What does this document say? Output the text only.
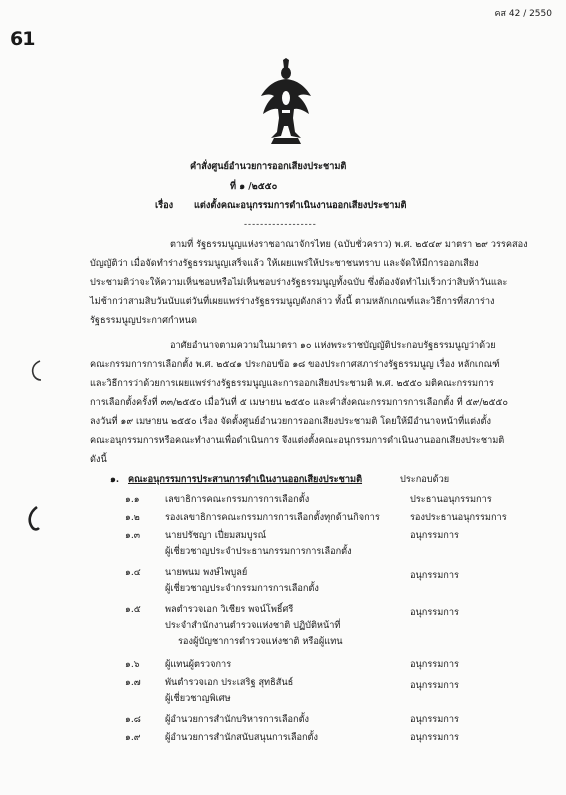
คส 42 / 2550
61
คำสั่งศูนย์อำนวยการออกเสียงประชามติ
ที่ ๑ /๒๕๕๐
เรื่อง แต่งตั้งคณะอนุกรรมการดำเนินงานออกเสียงประชามติ
------------------
ตามที่ รัฐธรรมนูญแห่งราชอาณาจักรไทย (ฉบับชั่วคราว) พ.ศ. ๒๕๔๙ มาตรา ๒๙ วรรคสอง
บัญญัติว่า เมื่อจัดทำร่างรัฐธรรมนูญเสร็จแล้ว ให้เผยแพร่ให้ประชาชนทราบ และจัดให้มีการออกเสียง
ประชามติว่าจะให้ความเห็นชอบหรือไม่เห็นชอบร่างรัฐธรรมนูญทั้งฉบับ ซึ่งต้องจัดทำไม่เร็วกว่าสิบห้าวันและ
ไม่ช้ากว่าสามสิบวันนับแต่วันที่เผยแพร่ร่างรัฐธรรมนูญดังกล่าว ทั้งนี้ ตามหลักเกณฑ์และวิธีการที่สภาร่าง
รัฐธรรมนูญประกาศกำหนด
อาศัยอำนาจตามความในมาตรา ๑๐ แห่งพระราชบัญญัติประกอบรัฐธรรมนูญว่าด้วย
คณะกรรมการการเลือกตั้ง พ.ศ. ๒๕๔๑ ประกอบข้อ ๑๘ ของประกาศสภาร่างรัฐธรรมนูญ เรื่อง หลักเกณฑ์
และวิธีการว่าด้วยการเผยแพร่ร่างรัฐธรรมนูญและการออกเสียงประชามติ พ.ศ. ๒๕๕๐ มติคณะกรรมการ
การเลือกตั้งครั้งที่ ๓๓/๒๕๕๐ เมื่อวันที่ ๕ เมษายน ๒๕๕๐ และคำสั่งคณะกรรมการการเลือกตั้ง ที่ ๕๙/๒๕๕๐
ลงวันที่ ๑๙ เมษายน ๒๕๕๐ เรื่อง จัดตั้งศูนย์อำนวยการออกเสียงประชามติ โดยให้มีอำนาจหน้าที่แต่งตั้ง
คณะอนุกรรมการหรือคณะทำงานเพื่อดำเนินการ จึงแต่งตั้งคณะอนุกรรมการดำเนินงานออกเสียงประชามติ
ดังนี้
๑. คณะอนุกรรมการประสานการดำเนินงานออกเสียงประชามติ	ประกอบด้วย
๑.๑	เลขาธิการคณะกรรมการการเลือกตั้ง	ประธานอนุกรรมการ
๑.๒	รองเลขาธิการคณะกรรมการการเลือกตั้งทุกด้านกิจการ	รองประธานอนุกรรมการ
๑.๓	นายปรัชญา เปี่ยมสมบูรณ์
ผู้เชี่ยวชาญประจำประธานกรรมการการเลือกตั้ง
อนุกรรมการ
๑.๔	นายพนม พงษ์ไพบูลย์
ผู้เชี่ยวชาญประจำกรรมการการเลือกตั้ง
อนุกรรมการ
๑.๕	พลตำรวจเอก วิเชียร พจน์โพธิ์ศรี
ประจำสำนักงานตำรวจแห่งชาติ ปฏิบัติหน้าที่
รองผู้บัญชาการตำรวจแห่งชาติ หรือผู้แทน
อนุกรรมการ
๑.๖	ผู้แทนผู้ตรวจการ	อนุกรรมการ
๑.๗	พันตำรวจเอก ประเสริฐ สุทธิสันธ์
ผู้เชี่ยวชาญพิเศษ
อนุกรรมการ
๑.๘	ผู้อำนวยการสำนักบริหารการเลือกตั้ง	อนุกรรมการ
๑.๙	ผู้อำนวยการสำนักสนับสนุนการเลือกตั้ง	อนุกรรมการ
